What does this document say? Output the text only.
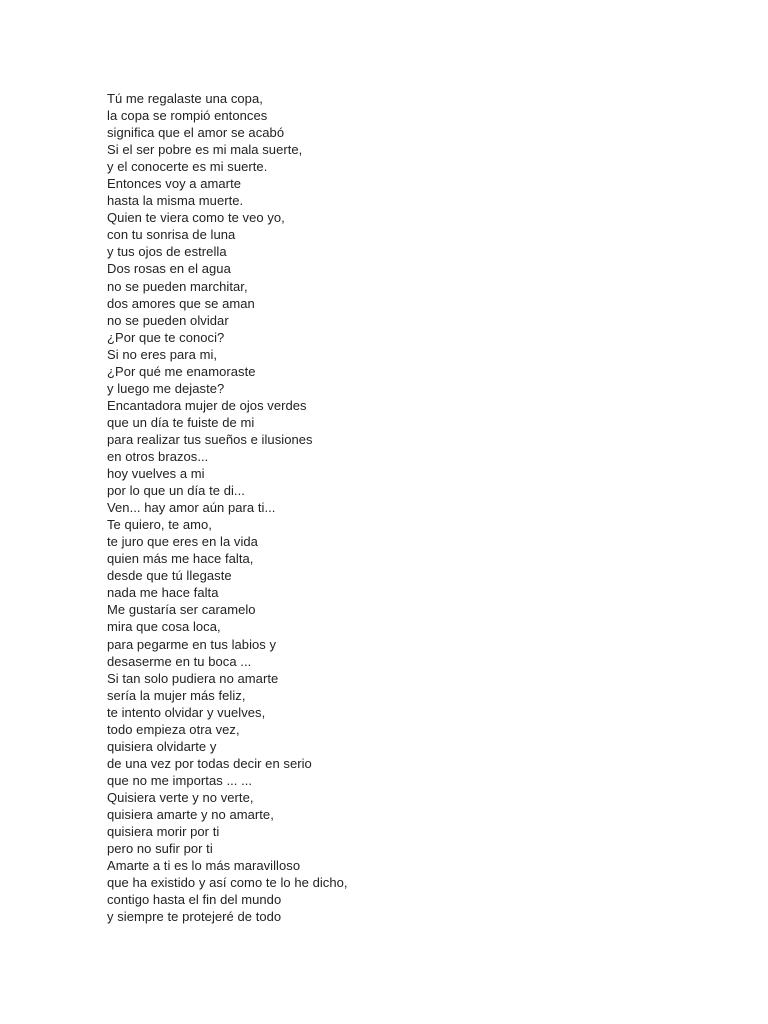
Tú me regalaste una copa,
la copa se rompió entonces
significa que el amor se acabó
Si el ser pobre es mi mala suerte,
y el conocerte es mi suerte.
Entonces voy a amarte
hasta la misma muerte.
Quien te viera como te veo yo,
con tu sonrisa de luna
y tus ojos de estrella
Dos rosas en el agua
no se pueden marchitar,
dos amores que se aman
no se pueden olvidar
¿Por que te conoci?
Si no eres para mi,
¿Por qué me enamoraste
y luego me dejaste?
Encantadora mujer de ojos verdes
que un día te fuiste de mi
para realizar tus sueños e ilusiones
en otros brazos...
hoy vuelves a mi
por lo que un día te di...
Ven... hay amor aún para ti...
Te quiero, te amo,
te juro que eres en la vida
quien más me hace falta,
desde que tú llegaste
nada me hace falta
Me gustaría ser caramelo
mira que cosa loca,
para pegarme en tus labios y
desaserme en tu boca ...
Si tan solo pudiera no amarte
sería la mujer más feliz,
te intento olvidar y vuelves,
todo empieza otra vez,
quisiera olvidarte y
de una vez por todas decir en serio
que no me importas ... ...
Quisiera verte y no verte,
quisiera amarte y no amarte,
quisiera morir por ti
pero no sufir por ti
Amarte a ti es lo más maravilloso
que ha existido y así como te lo he dicho,
contigo hasta el fin del mundo
y siempre te protejeré de todo
